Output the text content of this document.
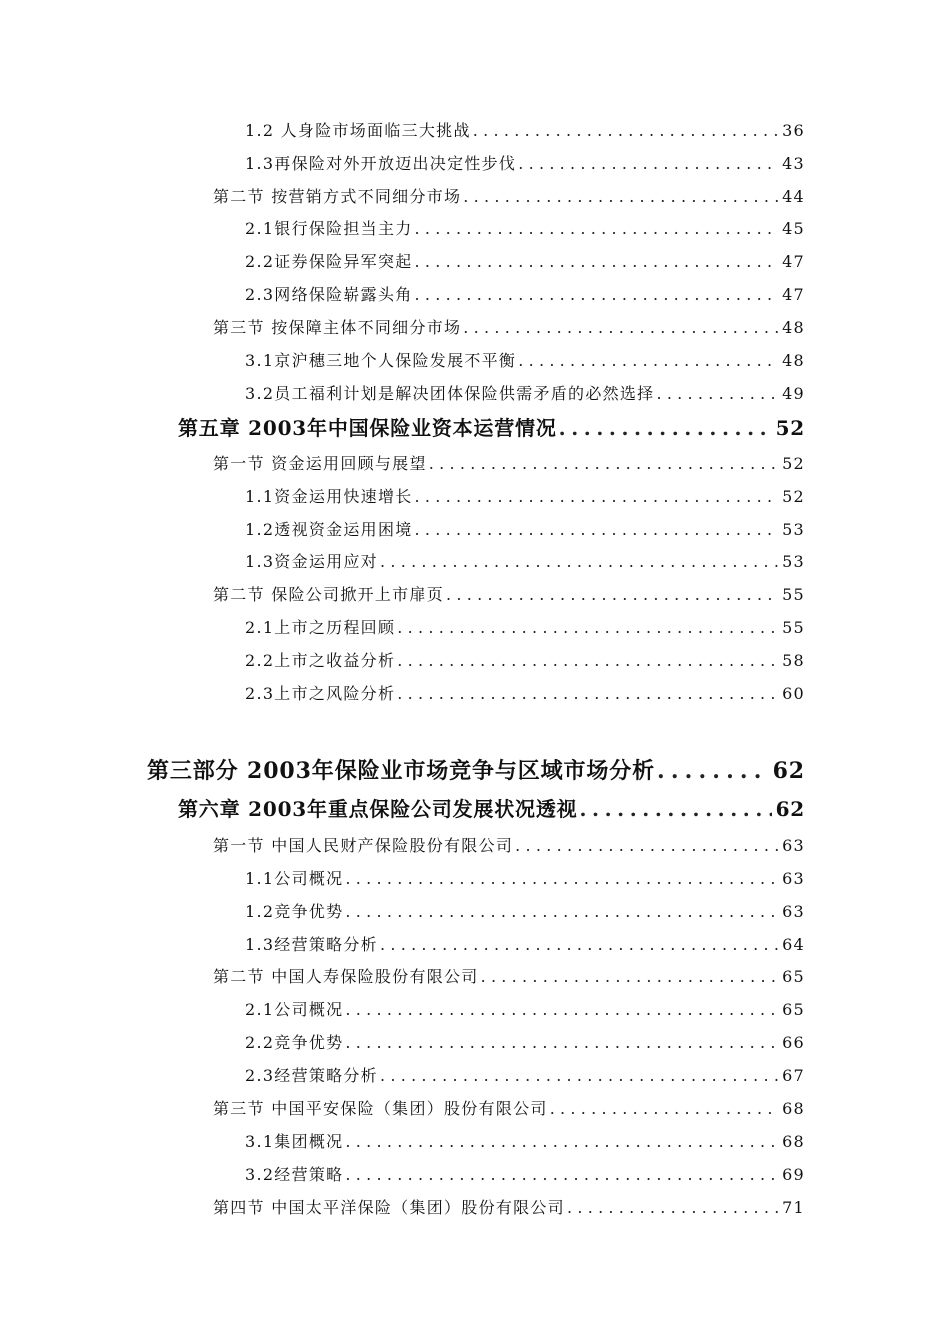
1.2 人身险市场面临三大挑战 .....	36
1.3再保险对外开放迈出决定性步伐 .....	43
第二节 按营销方式不同细分市场 .....	44
2.1银行保险担当主力 .....	45
2.2证券保险异军突起 .....	47
2.3网络保险崭露头角 .....	47
第三节 按保障主体不同细分市场 .....	48
3.1京沪穗三地个人保险发展不平衡 .....	48
3.2员工福利计划是解决团体保险供需矛盾的必然选择 .....	49
第五章 2003年中国保险业资本运营情况 .....	52
第一节 资金运用回顾与展望 .....	52
1.1资金运用快速增长 .....	52
1.2透视资金运用困境 .....	53
1.3资金运用应对 .....	53
第二节 保险公司掀开上市扉页 .....	55
2.1上市之历程回顾 .....	55
2.2上市之收益分析 .....	58
2.3上市之风险分析 .....	60
第三部分 2003年保险业市场竞争与区域市场分析 .....	62
第六章 2003年重点保险公司发展状况透视 .....	62
第一节 中国人民财产保险股份有限公司 .....	63
1.1公司概况 .....	63
1.2竞争优势 .....	63
1.3经营策略分析 .....	64
第二节 中国人寿保险股份有限公司 .....	65
2.1公司概况 .....	65
2.2竞争优势 .....	66
2.3经营策略分析 .....	67
第三节 中国平安保险（集团）股份有限公司 .....	68
3.1集团概况 .....	68
3.2经营策略 .....	69
第四节 中国太平洋保险（集团）股份有限公司 .....	71
